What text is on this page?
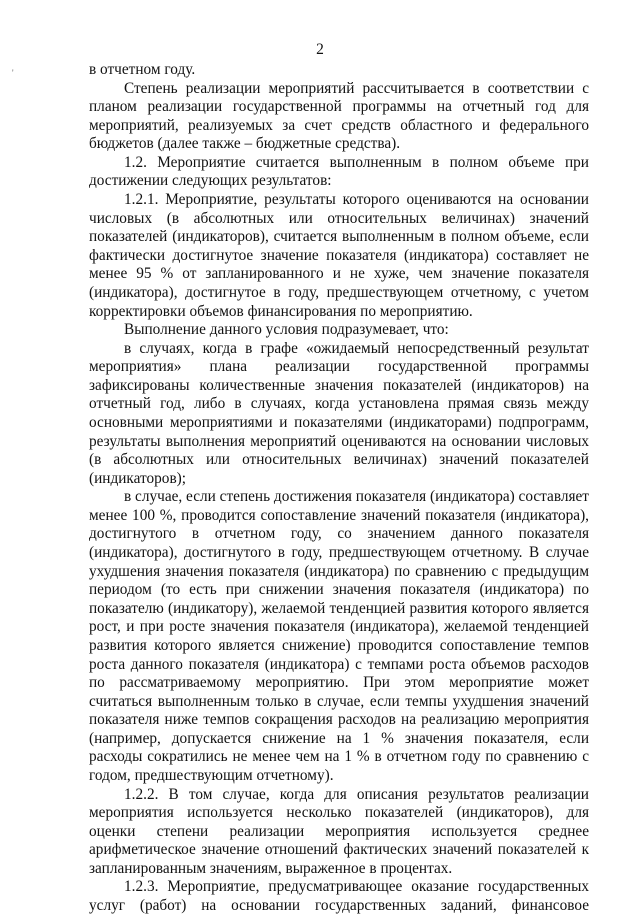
2
'	в отчетном году.

Степень реализации мероприятий рассчитывается в соответствии с планом реализации государственной программы на отчетный год для мероприятий, реализуемых за счет средств областного и федерального бюджетов (далее также – бюджетные средства).

1.2. Мероприятие считается выполненным в полном объеме при достижении следующих результатов:

1.2.1. Мероприятие, результаты которого оцениваются на основании числовых (в абсолютных или относительных величинах) значений показателей (индикаторов), считается выполненным в полном объеме, если фактически достигнутое значение показателя (индикатора) составляет не менее 95 % от запланированного и не хуже, чем значение показателя (индикатора), достигнутое в году, предшествующем отчетному, с учетом корректировки объемов финансирования по мероприятию.

Выполнение данного условия подразумевает, что:

в случаях, когда в графе «ожидаемый непосредственный результат мероприятия» плана реализации государственной программы зафиксированы количественные значения показателей (индикаторов) на отчетный год, либо в случаях, когда установлена прямая связь между основными мероприятиями и показателями (индикаторами) подпрограмм, результаты выполнения мероприятий оцениваются на основании числовых (в абсолютных или относительных величинах) значений показателей (индикаторов);

в случае, если степень достижения показателя (индикатора) составляет менее 100 %, проводится сопоставление значений показателя (индикатора), достигнутого в отчетном году, со значением данного показателя (индикатора), достигнутого в году, предшествующем отчетному. В случае ухудшения значения показателя (индикатора) по сравнению с предыдущим периодом (то есть при снижении значения показателя (индикатора) по показателю (индикатору), желаемой тенденцией развития которого является рост, и при росте значения показателя (индикатора), желаемой тенденцией развития которого является снижение) проводится сопоставление темпов роста данного показателя (индикатора) с темпами роста объемов расходов по рассматриваемому мероприятию. При этом мероприятие может считаться выполненным только в случае, если темпы ухудшения значений показателя ниже темпов сокращения расходов на реализацию мероприятия (например, допускается снижение на 1 % значения показателя, если расходы сократились не менее чем на 1 % в отчетном году по сравнению с годом, предшествующим отчетному).

1.2.2. В том случае, когда для описания результатов реализации мероприятия используется несколько показателей (индикаторов), для оценки степени реализации мероприятия используется среднее арифметическое значение отношений фактических значений показателей к запланированным значениям, выраженное в процентах.

1.2.3. Мероприятие, предусматривающее оказание государственных услуг (работ) на основании государственных заданий, финансовое
